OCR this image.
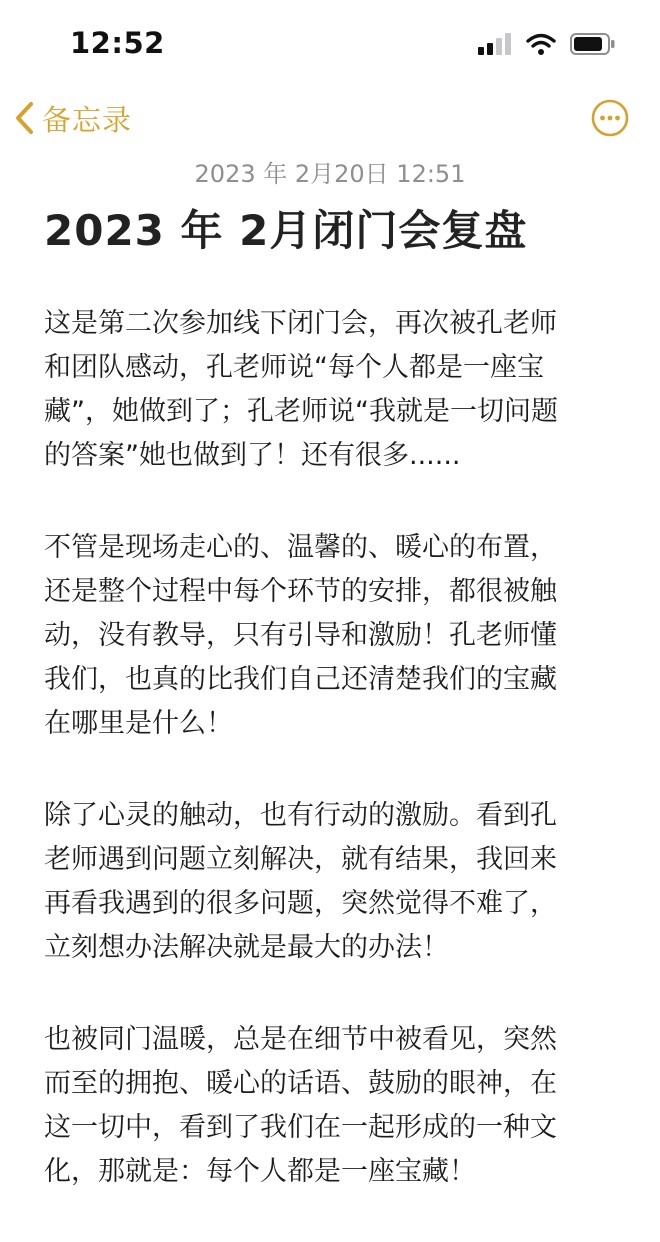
12:52
备忘录
2023 年 2月20日 12:51
2023 年 2月闭门会复盘
这是第二次参加线下闭门会，再次被孔老师
和团队感动，孔老师说“每个人都是一座宝
藏”，她做到了；孔老师说“我就是一切问题
的答案”她也做到了！还有很多......
不管是现场走心的、温馨的、暖心的布置，
还是整个过程中每个环节的安排，都很被触
动，没有教导，只有引导和激励！孔老师懂
我们，也真的比我们自己还清楚我们的宝藏
在哪里是什么！
除了心灵的触动，也有行动的激励。看到孔
老师遇到问题立刻解决，就有结果，我回来
再看我遇到的很多问题，突然觉得不难了，
立刻想办法解决就是最大的办法！
也被同门温暖，总是在细节中被看见，突然
而至的拥抱、暖心的话语、鼓励的眼神，在
这一切中，看到了我们在一起形成的一种文
化，那就是：每个人都是一座宝藏！
